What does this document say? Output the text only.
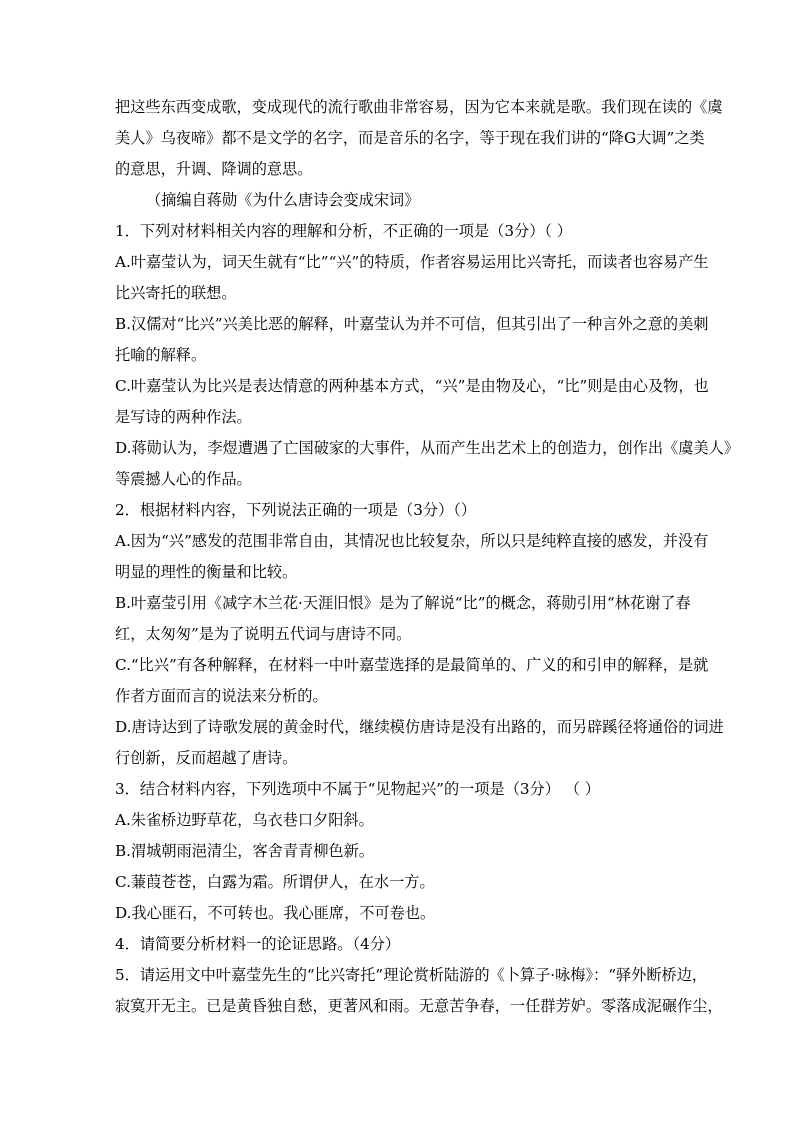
把这些东西变成歌，变成现代的流行歌曲非常容易，因为它本来就是歌。我们现在读的《虞
美人》乌夜啼》都不是文学的名字，而是音乐的名字，等于现在我们讲的“降G大调”之类
的意思，升调、降调的意思。
（摘编自蒋勋《为什么唐诗会变成宋词》
1．下列对材料相关内容的理解和分析，不正确的一项是（3分）（ ）
A.叶嘉莹认为，词天生就有“比”“兴”的特质，作者容易运用比兴寄托，而读者也容易产生
比兴寄托的联想。
B.汉儒对“比兴”兴美比恶的解释，叶嘉莹认为并不可信，但其引出了一种言外之意的美刺
托喻的解释。
C.叶嘉莹认为比兴是表达情意的两种基本方式，“兴”是由物及心，“比”则是由心及物，也
是写诗的两种作法。
D.蒋勋认为，李煜遭遇了亡国破家的大事件，从而产生出艺术上的创造力，创作出《虞美人》
等震撼人心的作品。
2．根据材料内容，下列说法正确的一项是（3分）（）
A.因为“兴”感发的范围非常自由，其情况也比较复杂，所以只是纯粹直接的感发，并没有
明显的理性的衡量和比较。
B.叶嘉莹引用《减字木兰花·天涯旧恨》是为了解说“比”的概念，蒋勋引用“林花谢了春
红，太匆匆”是为了说明五代词与唐诗不同。
C.“比兴”有各种解释，在材料一中叶嘉莹选择的是最简单的、广义的和引申的解释，是就
作者方面而言的说法来分析的。
D.唐诗达到了诗歌发展的黄金时代，继续模仿唐诗是没有出路的，而另辟蹊径将通俗的词进
行创新，反而超越了唐诗。
3．结合材料内容，下列选项中不属于“见物起兴”的一项是（3分） （ ）
A.朱雀桥边野草花，乌衣巷口夕阳斜。
B.渭城朝雨浥清尘，客舍青青柳色新。
C.蒹葭苍苍，白露为霜。所谓伊人，在水一方。
D.我心匪石，不可转也。我心匪席，不可卷也。
4．请简要分析材料一的论证思路。（4分）
5．请运用文中叶嘉莹先生的“比兴寄托”理论赏析陆游的《卜算子·咏梅》：“驿外断桥边，
寂寞开无主。已是黄昏独自愁，更著风和雨。无意苦争春，一任群芳妒。零落成泥碾作尘，
